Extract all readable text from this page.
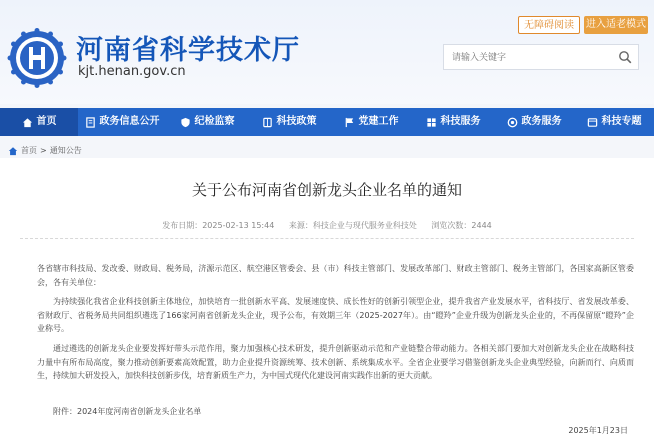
河南省科学技术厅
kjt.henan.gov.cn
无障碍阅读	进入适老模式
请输入关键字
首页	政务信息公开	纪检监察	科技政策	党建工作	科技服务	政务服务	科技专题
首页 > 通知公告
关于公布河南省创新龙头企业名单的通知
发布日期：2025-02-13 15:44 来源：科技企业与现代服务业科技处 浏览次数：2444
各省辖市科技局、发改委、财政局、税务局，济源示范区、航空港区管委会、县（市）科技主管部门、发展改革部门、财政主管部门、税务主管部门，各国家高新区管委会，各有关单位：
为持续强化我省企业科技创新主体地位，加快培育一批创新水平高、发展速度快、成长性好的创新引领型企业，提升我省产业发展水平，省科技厅、省发展改革委、省财政厅、省税务局共同组织遴选了166家河南省创新龙头企业，现予公布，有效期三年（2025-2027年）。由“瞪羚”企业升级为创新龙头企业的，不再保留原“瞪羚”企业称号。
通过遴选的创新龙头企业要发挥好带头示范作用，聚力加强核心技术研发，提升创新驱动示范和产业链整合带动能力。各相关部门要加大对创新龙头企业在战略科技力量中有所布局高度，聚力推动创新要素高效配置，助力企业提升资源统筹、技术创新、系统集成水平。全省企业要学习借鉴创新龙头企业典型经验，向新而行、向质而生，持续加大研发投入，加快科技创新步伐，培育新质生产力，为中国式现代化建设河南实践作出新的更大贡献。
附件：2024年度河南省创新龙头企业名单
2025年1月23日
